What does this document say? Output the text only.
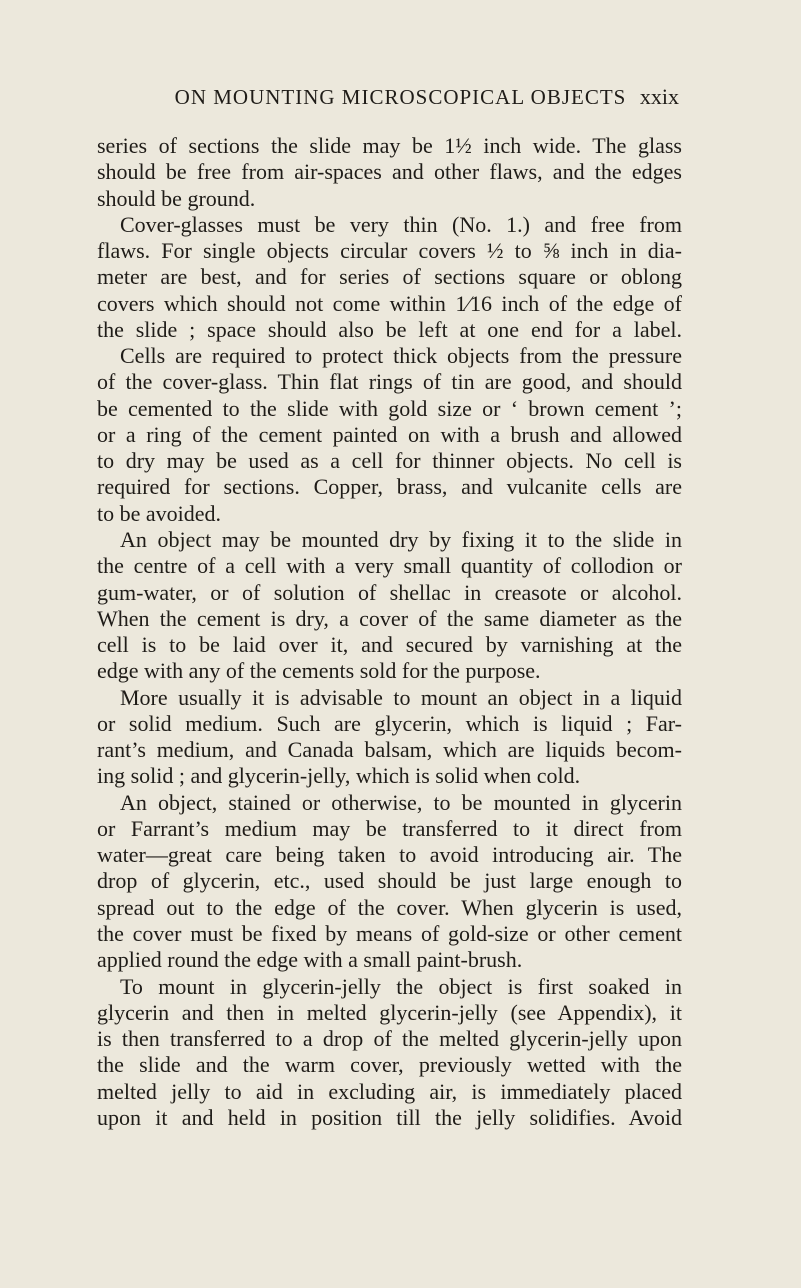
ON MOUNTING MICROSCOPICAL OBJECTS xxix
series of sections the slide may be 1½ inch wide. The glass
should be free from air-spaces and other flaws, and the edges
should be ground.
Cover-glasses must be very thin (No. 1.) and free from
flaws. For single objects circular covers ½ to ⅝ inch in dia-
meter are best, and for series of sections square or oblong
covers which should not come within 1⁄16 inch of the edge of
the slide ; space should also be left at one end for a label.
Cells are required to protect thick objects from the pressure
of the cover-glass. Thin flat rings of tin are good, and should
be cemented to the slide with gold size or ‘ brown cement ’;
or a ring of the cement painted on with a brush and allowed
to dry may be used as a cell for thinner objects. No cell is
required for sections. Copper, brass, and vulcanite cells are
to be avoided.
An object may be mounted dry by fixing it to the slide in
the centre of a cell with a very small quantity of collodion or
gum-water, or of solution of shellac in creasote or alcohol.
When the cement is dry, a cover of the same diameter as the
cell is to be laid over it, and secured by varnishing at the
edge with any of the cements sold for the purpose.
More usually it is advisable to mount an object in a liquid
or solid medium. Such are glycerin, which is liquid ; Far-
rant’s medium, and Canada balsam, which are liquids becom-
ing solid ; and glycerin-jelly, which is solid when cold.
An object, stained or otherwise, to be mounted in glycerin
or Farrant’s medium may be transferred to it direct from
water—great care being taken to avoid introducing air. The
drop of glycerin, etc., used should be just large enough to
spread out to the edge of the cover. When glycerin is used,
the cover must be fixed by means of gold-size or other cement
applied round the edge with a small paint-brush.
To mount in glycerin-jelly the object is first soaked in
glycerin and then in melted glycerin-jelly (see Appendix), it
is then transferred to a drop of the melted glycerin-jelly upon
the slide and the warm cover, previously wetted with the
melted jelly to aid in excluding air, is immediately placed
upon it and held in position till the jelly solidifies. Avoid
